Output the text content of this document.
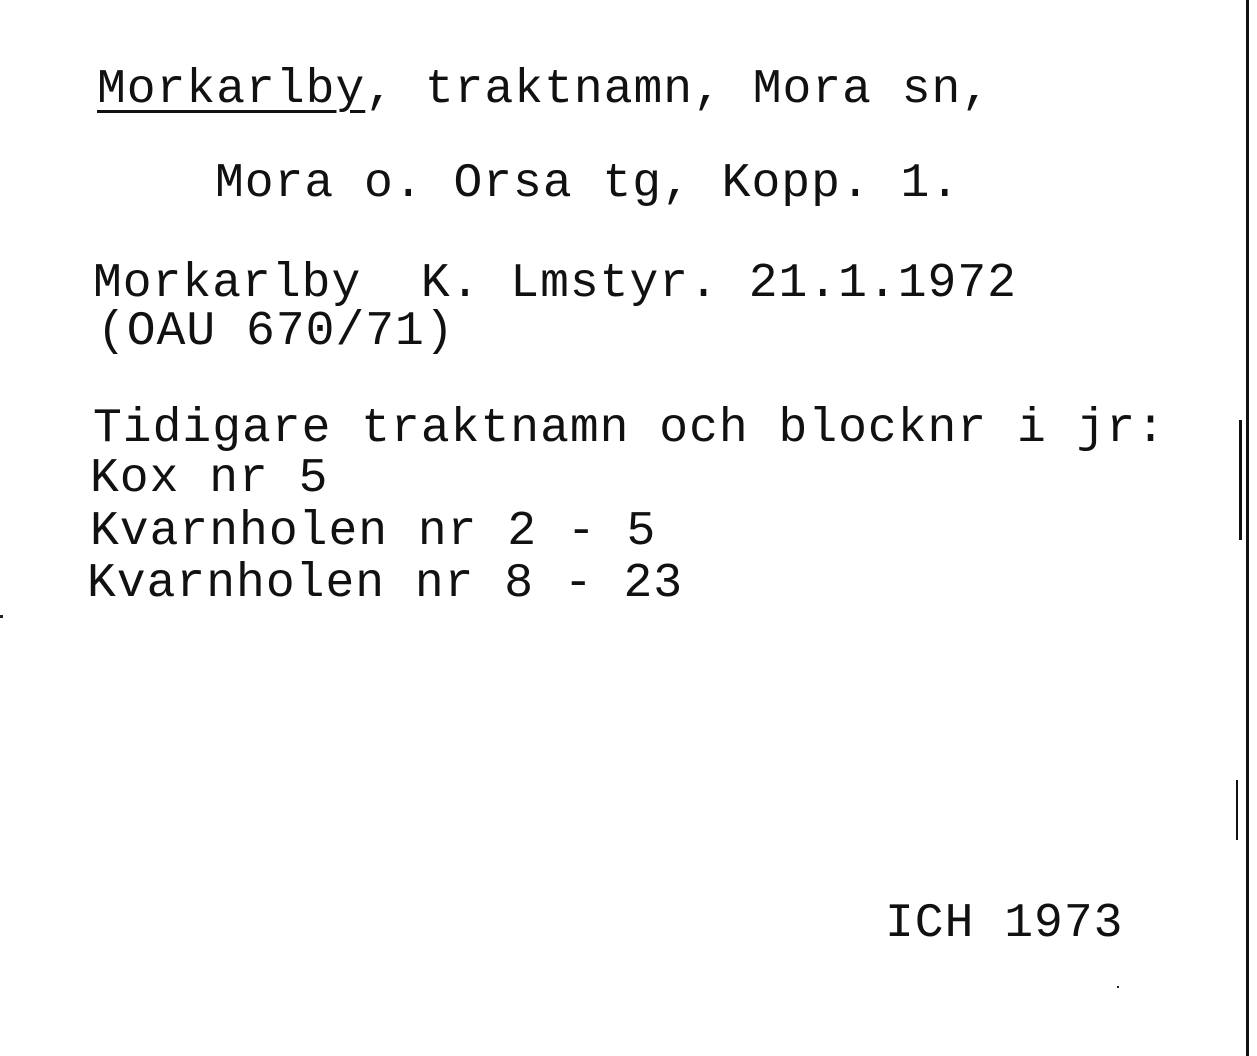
Morkarlby, traktnamn, Mora sn,
Mora o. Orsa tg, Kopp. 1.
Morkarlby  K. Lmstyr. 21.1.1972
(OAU 670/71)
Tidigare traktnamn och blocknr i jr:
Kox nr 5
Kvarnholen nr 2 - 5
Kvarnholen nr 8 - 23
ICH 1973
